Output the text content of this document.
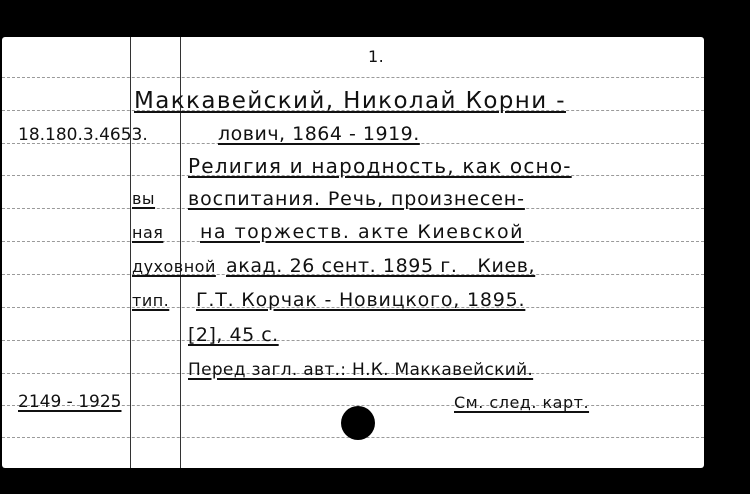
1.
18.180.3.4653.
Маккавейский, Николай Корни -
лович, 1864 - 1919.
Религия и народность, как осно-
вы воспитания. Речь, произнесен-
ная на торжеств. акте Киевской
духовной акад. 26 сент. 1895 г.   Киев,
тип. Г.Т. Корчак - Новицкого, 1895.
[2], 45 с.
Перед загл. авт.: Н.К. Маккавейский.
2149 - 1925	См. след. карт.
